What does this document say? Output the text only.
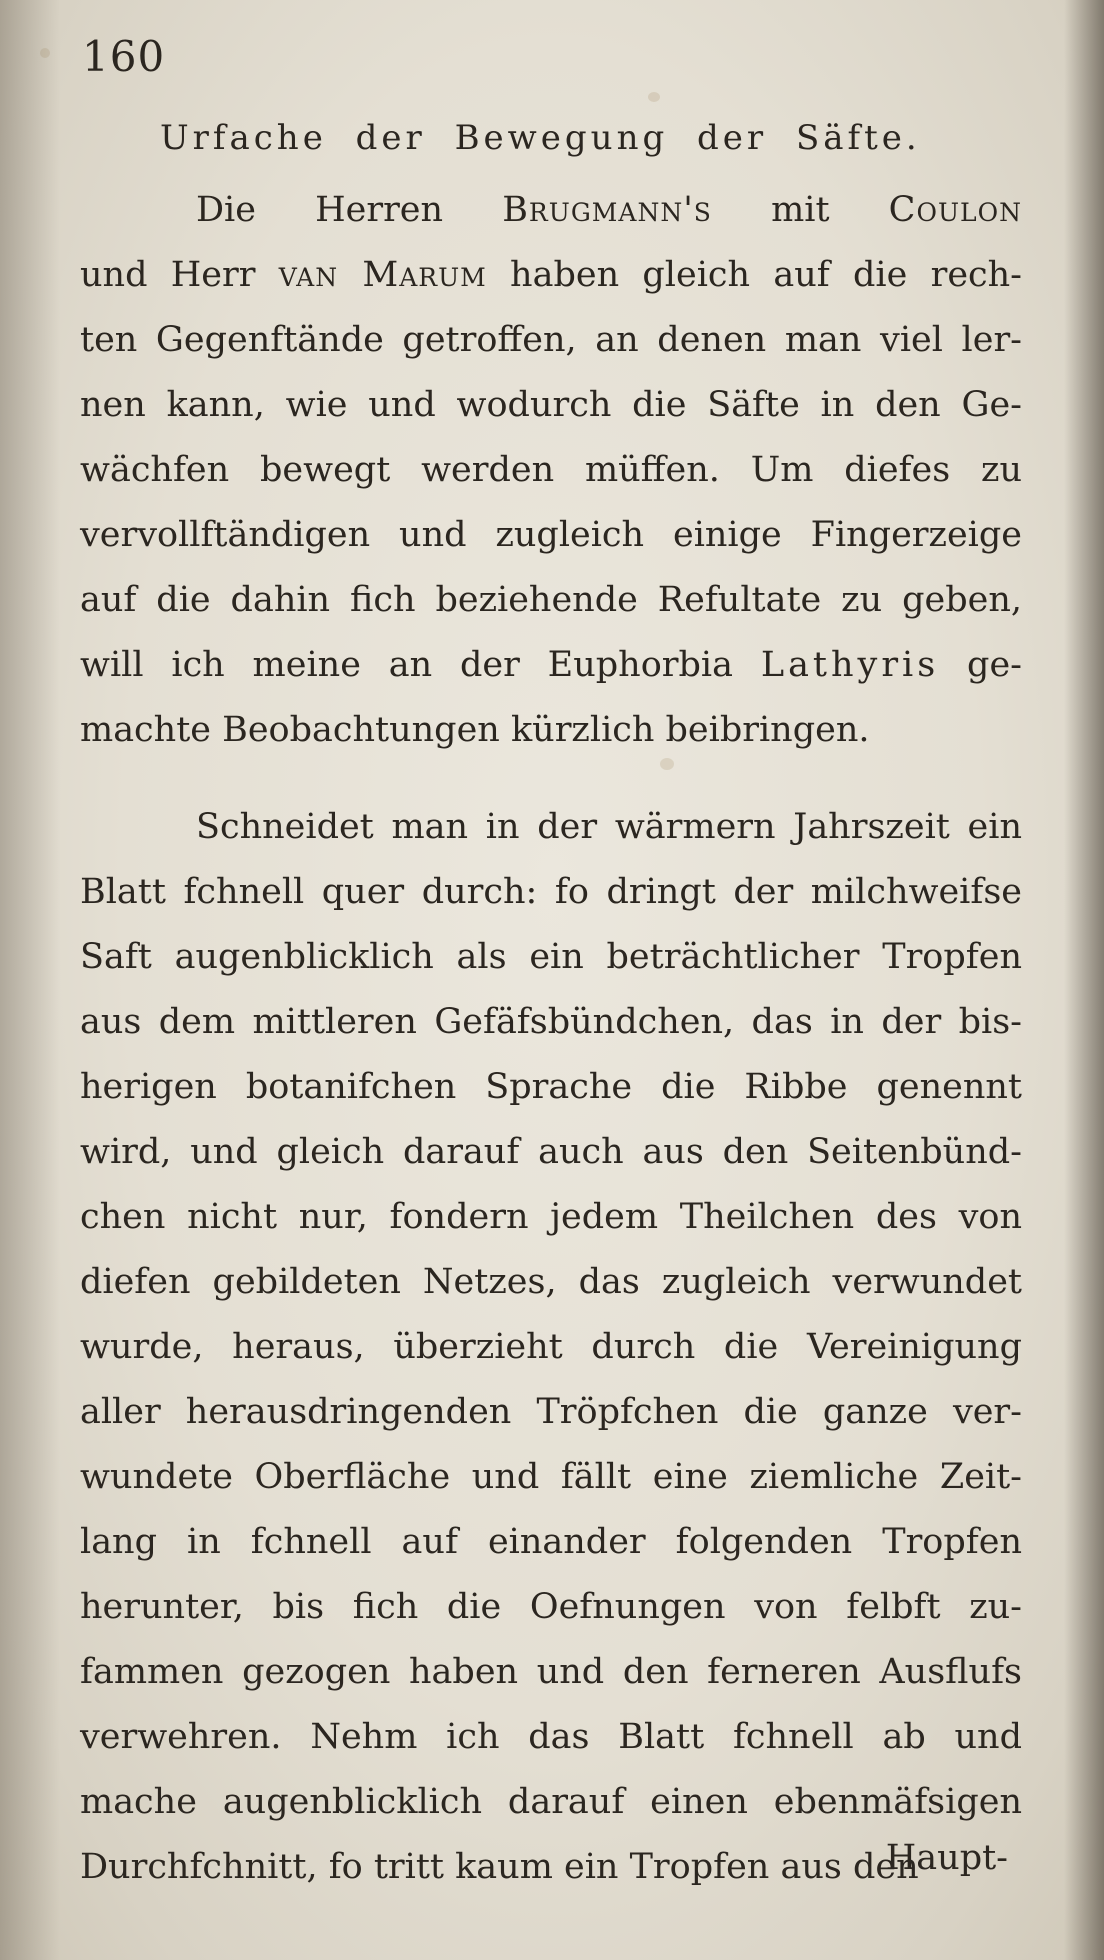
160
Urfache der Bewegung der Säfte.
Die Herren Brugmann's mit Coulon
und Herr van Marum haben gleich auf die rech-
ten Gegenftände getroffen, an denen man viel ler-
nen kann, wie und wodurch die Säfte in den Ge-
wächfen bewegt werden müffen. Um diefes zu
vervollftändigen und zugleich einige Fingerzeige
auf die dahin fich beziehende Refultate zu geben,
will ich meine an der Euphorbia Lathyris ge-
machte Beobachtungen kürzlich beibringen.
Schneidet man in der wärmern Jahrszeit ein
Blatt fchnell quer durch: fo dringt der milchweifse
Saft augenblicklich als ein beträchtlicher Tropfen
aus dem mittleren Gefäfsbündchen, das in der bis-
herigen botanifchen Sprache die Ribbe genennt
wird, und gleich darauf auch aus den Seitenbünd-
chen nicht nur, fondern jedem Theilchen des von
diefen gebildeten Netzes, das zugleich verwundet
wurde, heraus, überzieht durch die Vereinigung
aller herausdringenden Tröpfchen die ganze ver-
wundete Oberfläche und fällt eine ziemliche Zeit-
lang in fchnell auf einander folgenden Tropfen
herunter, bis fich die Oefnungen von felbft zu-
fammen gezogen haben und den ferneren Ausflufs
verwehren. Nehm ich das Blatt fchnell ab und
mache augenblicklich darauf einen ebenmäfsigen
Durchfchnitt, fo tritt kaum ein Tropfen aus den
Haupt-
